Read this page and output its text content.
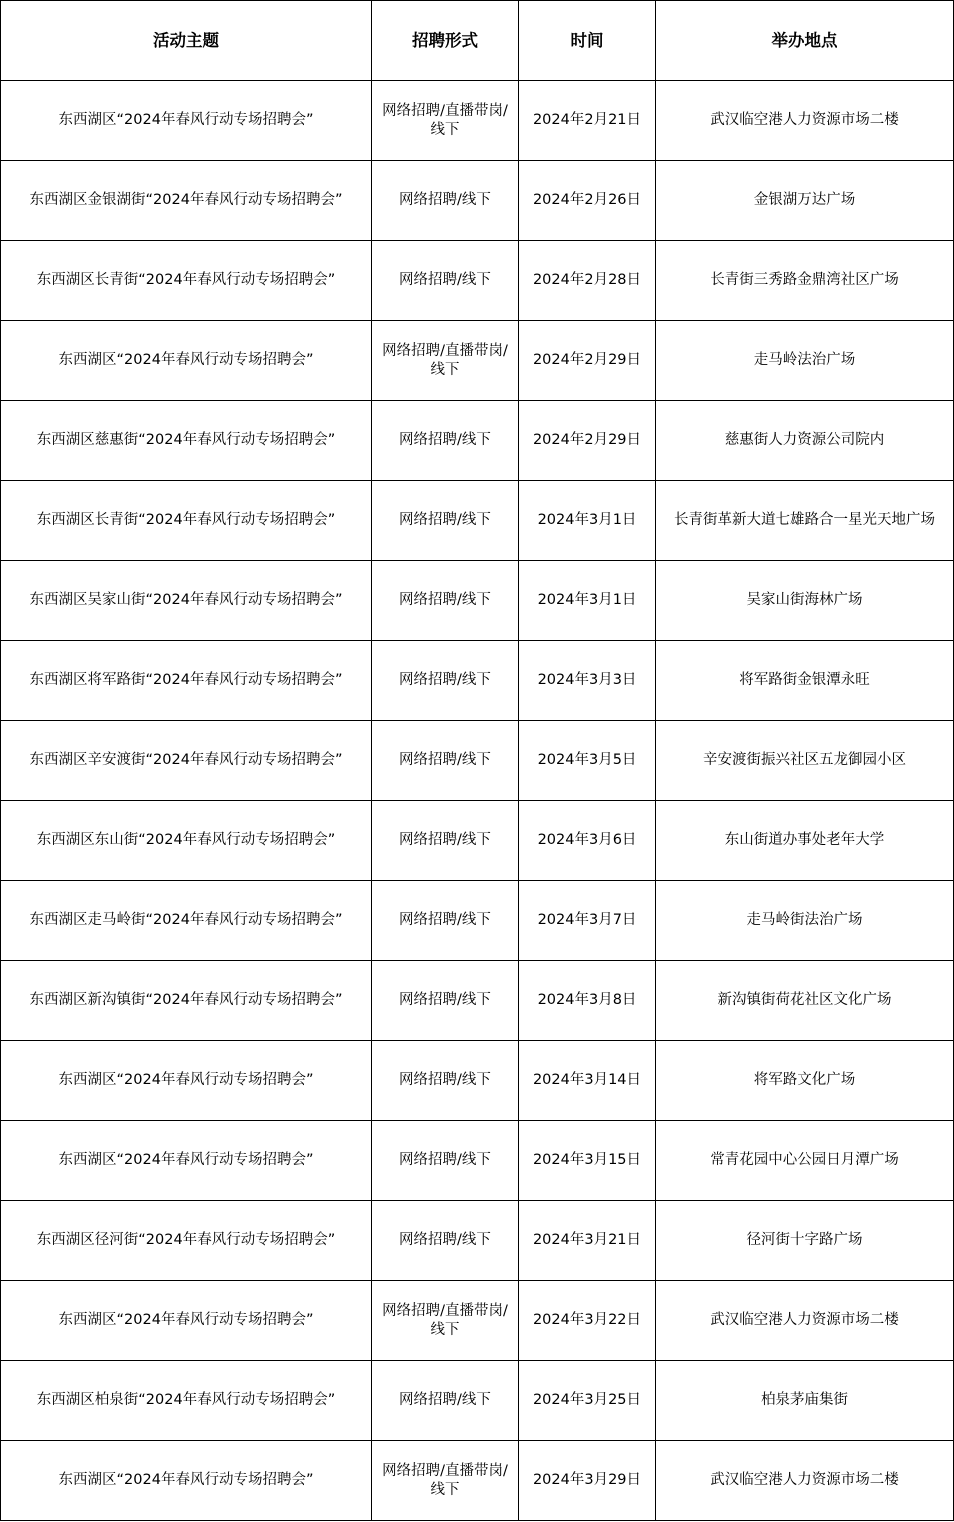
活动主题	招聘形式	时间	举办地点
东西湖区“2024年春风行动专场招聘会”	网络招聘/直播带岗/线下	2024年2月21日	武汉临空港人力资源市场二楼
东西湖区金银湖街“2024年春风行动专场招聘会”	网络招聘/线下	2024年2月26日	金银湖万达广场
东西湖区长青街“2024年春风行动专场招聘会”	网络招聘/线下	2024年2月28日	长青街三秀路金鼎湾社区广场
东西湖区“2024年春风行动专场招聘会”	网络招聘/直播带岗/线下	2024年2月29日	走马岭法治广场
东西湖区慈惠街“2024年春风行动专场招聘会”	网络招聘/线下	2024年2月29日	慈惠街人力资源公司院内
东西湖区长青街“2024年春风行动专场招聘会”	网络招聘/线下	2024年3月1日	长青街革新大道七雄路合一星光天地广场
东西湖区吴家山街“2024年春风行动专场招聘会”	网络招聘/线下	2024年3月1日	吴家山街海林广场
东西湖区将军路街“2024年春风行动专场招聘会”	网络招聘/线下	2024年3月3日	将军路街金银潭永旺
东西湖区辛安渡街“2024年春风行动专场招聘会”	网络招聘/线下	2024年3月5日	辛安渡街振兴社区五龙御园小区
东西湖区东山街“2024年春风行动专场招聘会”	网络招聘/线下	2024年3月6日	东山街道办事处老年大学
东西湖区走马岭街“2024年春风行动专场招聘会”	网络招聘/线下	2024年3月7日	走马岭街法治广场
东西湖区新沟镇街“2024年春风行动专场招聘会”	网络招聘/线下	2024年3月8日	新沟镇街荷花社区文化广场
东西湖区“2024年春风行动专场招聘会”	网络招聘/线下	2024年3月14日	将军路文化广场
东西湖区“2024年春风行动专场招聘会”	网络招聘/线下	2024年3月15日	常青花园中心公园日月潭广场
东西湖区径河街“2024年春风行动专场招聘会”	网络招聘/线下	2024年3月21日	径河街十字路广场
东西湖区“2024年春风行动专场招聘会”	网络招聘/直播带岗/线下	2024年3月22日	武汉临空港人力资源市场二楼
东西湖区柏泉街“2024年春风行动专场招聘会”	网络招聘/线下	2024年3月25日	柏泉茅庙集街
东西湖区“2024年春风行动专场招聘会”	网络招聘/直播带岗/线下	2024年3月29日	武汉临空港人力资源市场二楼
